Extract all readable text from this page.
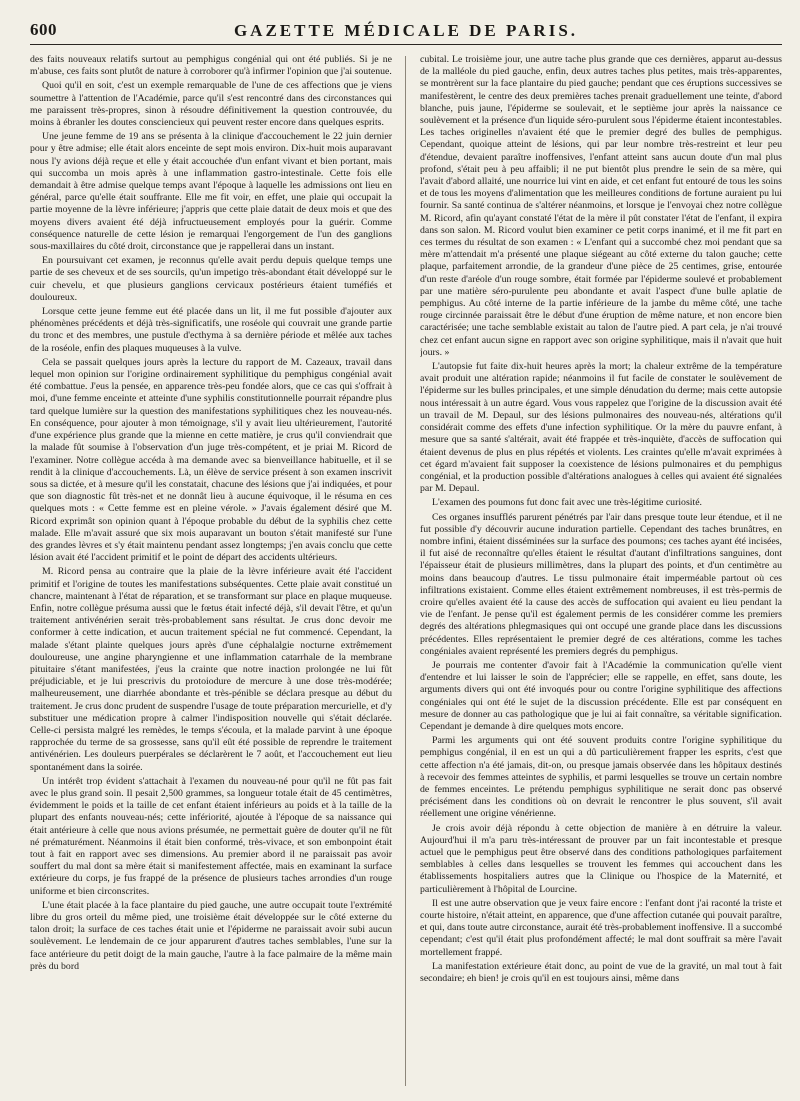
600	GAZETTE MÉDICALE DE PARIS.

des faits nouveaux relatifs surtout au pemphigus congénial qui ont été publiés. Si je ne m'abuse, ces faits sont plutôt de nature à corroborer qu'à infirmer l'opinion que j'ai soutenue.

Quoi qu'il en soit, c'est un exemple remarquable de l'une de ces affections que je viens soumettre à l'attention de l'Académie, parce qu'il s'est rencontré dans des circonstances qui me paraissent très-propres, sinon à résoudre définitivement la question controuvée, du moins à ébranler les doutes consciencieux qui peuvent rester encore dans quelques esprits.

Une jeune femme de 19 ans se présenta à la clinique d'accouchement le 22 juin dernier pour y être admise; elle était alors enceinte de sept mois environ. Dix-huit mois auparavant nous l'y avions déjà reçue et elle y était accouchée d'un enfant vivant et bien portant, mais qui succomba un mois après à une inflammation gastro-intestinale. Cette fois elle demandait à être admise quelque temps avant l'époque à laquelle les admissions ont lieu en général, parce qu'elle était souffrante. Elle me fit voir, en effet, une plaie qui occupait la partie moyenne de la lèvre inférieure; j'appris que cette plaie datait de deux mois et que des moyens divers avaient été déjà infructueusement employés pour la guérir. Comme conséquence naturelle de cette lésion je remarquai l'engorgement de l'un des ganglions sous-maxillaires du côté droit, circonstance que je rappellerai dans un instant.

En poursuivant cet examen, je reconnus qu'elle avait perdu depuis quelque temps une partie de ses cheveux et de ses sourcils, qu'un impetigo très-abondant était développé sur le cuir chevelu, et que plusieurs ganglions cervicaux postérieurs étaient tuméfiés et douloureux.

Lorsque cette jeune femme eut été placée dans un lit, il me fut possible d'ajouter aux phénomènes précédents et déjà très-significatifs, une roséole qui couvrait une grande partie du tronc et des membres, une pustule d'ecthyma à sa dernière période et mêlée aux taches de la roséole, enfin des plaques muqueuses à la vulve.

Cela se passait quelques jours après la lecture du rapport de M. Cazeaux, travail dans lequel mon opinion sur l'origine ordinairement syphilitique du pemphigus congénial avait été combattue. J'eus la pensée, en apparence très-peu fondée alors, que ce cas qui s'offrait à moi, d'une femme enceinte et atteinte d'une syphilis constitutionnelle pourrait répandre plus tard quelque lumière sur la question des manifestations syphilitiques chez les nouveau-nés. En conséquence, pour ajouter à mon témoignage, s'il y avait lieu ultérieurement, l'autorité d'une expérience plus grande que la mienne en cette matière, je crus qu'il conviendrait que la malade fût soumise à l'observation d'un juge très-compétent, et je priai M. Ricord de l'examiner. Notre collègue accéda à ma demande avec sa bienveillance habituelle, et il se rendit à la clinique d'accouchements. Là, un élève de service présent à son examen inscrivit sous sa dictée, et à mesure qu'il les constatait, chacune des lésions que j'ai indiquées, et pour que son diagnostic fût très-net et ne donnât lieu à aucune équivoque, il le résuma en ces quelques mots : « Cette femme est en pleine vérole. » J'avais également désiré que M. Ricord exprimât son opinion quant à l'époque probable du début de la syphilis chez cette malade. Elle m'avait assuré que six mois auparavant un bouton s'était manifesté sur l'une des grandes lèvres et s'y était maintenu pendant assez longtemps; j'en avais conclu que cette lésion avait été l'accident primitif et le point de départ des accidents ultérieurs.

M. Ricord pensa au contraire que la plaie de la lèvre inférieure avait été l'accident primitif et l'origine de toutes les manifestations subséquentes. Cette plaie avait constitué un chancre, maintenant à l'état de réparation, et se transformant sur place en plaque muqueuse. Enfin, notre collègue présuma aussi que le fœtus était infecté déjà, s'il devait l'être, et qu'un traitement antivénérien serait très-probablement sans résultat. Je crus donc devoir me conformer à cette indication, et aucun traitement spécial ne fut commencé. Cependant, la malade s'étant plainte quelques jours après d'une céphalalgie nocturne extrêmement douloureuse, une angine pharyngienne et une inflammation catarrhale de la membrane pituitaire s'étant manifestées, j'eus la crainte que notre inaction prolongée ne lui fût préjudiciable, et je lui prescrivis du protoiodure de mercure à une dose très-modérée; malheureusement, une diarrhée abondante et très-pénible se déclara presque au début du traitement. Je crus donc prudent de suspendre l'usage de toute préparation mercurielle, et d'y substituer une médication propre à calmer l'indisposition nouvelle qui s'était déclarée. Celle-ci persista malgré les remèdes, le temps s'écoula, et la malade parvint à une époque rapprochée du terme de sa grossesse, sans qu'il eût été possible de reprendre le traitement antivénérien. Les douleurs puerpérales se déclarèrent le 7 août, et l'accouchement eut lieu spontanément dans la soirée.

Un intérêt trop évident s'attachait à l'examen du nouveau-né pour qu'il ne fût pas fait avec le plus grand soin. Il pesait 2,500 grammes, sa longueur totale était de 45 centimètres, évidemment le poids et la taille de cet enfant étaient inférieurs au poids et à la taille de la plupart des enfants nouveau-nés; cette infériorité, ajoutée à l'époque de sa naissance qui était antérieure à celle que nous avions présumée, ne permettait guère de douter qu'il ne fût né prématurément. Néanmoins il était bien conformé, très-vivace, et son embonpoint était tout à fait en rapport avec ses dimensions. Au premier abord il ne paraissait pas avoir souffert du mal dont sa mère était si manifestement affectée, mais en examinant la surface extérieure du corps, je fus frappé de la présence de plusieurs taches arrondies d'un rouge uniforme et bien circonscrites.

L'une était placée à la face plantaire du pied gauche, une autre occupait toute l'extrémité libre du gros orteil du même pied, une troisième était développée sur le côté externe du talon droit; la surface de ces taches était unie et l'épiderme ne paraissait avoir subi aucun soulèvement. Le lendemain de ce jour apparurent d'autres taches semblables, l'une sur la face antérieure du petit doigt de la main gauche, l'autre à la face palmaire de la même main près du bord

cubital. Le troisième jour, une autre tache plus grande que ces dernières, apparut au-dessus de la malléole du pied gauche, enfin, deux autres taches plus petites, mais très-apparentes, se montrèrent sur la face plantaire du pied gauche; pendant que ces éruptions successives se manifestèrent, le centre des deux premières taches prenait graduellement une teinte, d'abord blanche, puis jaune, l'épiderme se soulevait, et le septième jour après la naissance ce soulèvement et la présence d'un liquide séro-purulent sous l'épiderme étaient incontestables. Les taches originelles n'avaient été que le premier degré des bulles de pemphigus. Cependant, quoique atteint de lésions, qui par leur nombre très-restreint et leur peu d'étendue, devaient paraître inoffensives, l'enfant atteint sans aucun doute d'un mal plus profond, s'était peu à peu affaibli; il ne put bientôt plus prendre le sein de sa mère, qui l'avait d'abord allaité, une nourrice lui vint en aide, et cet enfant fut entouré de tous les soins et de tous les moyens d'alimentation que les meilleures conditions de fortune auraient pu lui fournir. Sa santé continua de s'altérer néanmoins, et lorsque je l'envoyai chez notre collègue M. Ricord, afin qu'ayant constaté l'état de la mère il pût constater l'état de l'enfant, il expira dans son salon. M. Ricord voulut bien examiner ce petit corps inanimé, et il me fit part en ces termes du résultat de son examen : « L'enfant qui a succombé chez moi pendant que sa mère m'attendait m'a présenté une plaque siégeant au côté externe du talon gauche; cette plaque, parfaitement arrondie, de la grandeur d'une pièce de 25 centimes, grise, entourée d'un reste d'aréole d'un rouge sombre, était formée par l'épiderme soulevé et probablement par une matière séro-purulente peu abondante et avait l'aspect d'une bulle aplatie de pemphigus. Au côté interne de la partie inférieure de la jambe du même côté, une tache rouge circinnée paraissait être le début d'une éruption de même nature, et non encore bien caractérisée; une tache semblable existait au talon de l'autre pied. A part cela, je n'ai trouvé chez cet enfant aucun signe en rapport avec son origine syphilitique, mais il n'avait que huit jours. »

L'autopsie fut faite dix-huit heures après la mort; la chaleur extrême de la température avait produit une altération rapide; néanmoins il fut facile de constater le soulèvement de l'épiderme sur les bulles principales, et une simple dénudation du derme; mais cette autopsie nous intéressait à un autre égard. Vous vous rappelez que l'origine de la discussion avait été un travail de M. Depaul, sur des lésions pulmonaires des nouveau-nés, altérations qu'il considérait comme des effets d'une infection syphilitique. Or la mère du pauvre enfant, à mesure que sa santé s'altérait, avait été frappée et très-inquiète, d'accès de suffocation qui étaient devenus de plus en plus répétés et violents. Les craintes qu'elle m'avait exprimées à cet égard m'avaient fait supposer la coexistence de lésions pulmonaires et du pemphigus congénial, et la production possible d'altérations analogues à celles qui avaient été signalées par M. Depaul.

L'examen des poumons fut donc fait avec une très-légitime curiosité.

Ces organes insufflés parurent pénétrés par l'air dans presque toute leur étendue, et il ne fut possible d'y découvrir aucune induration partielle. Cependant des taches brunâtres, en nombre infini, étaient disséminées sur la surface des poumons; ces taches ayant été incisées, il fut aisé de reconnaître qu'elles étaient le résultat d'autant d'infiltrations sanguines, dont l'épaisseur était de plusieurs millimètres, dans la plupart des points, et d'un centimètre au moins dans beaucoup d'autres. Le tissu pulmonaire était imperméable partout où ces infiltrations existaient. Comme elles étaient extrêmement nombreuses, il est très-permis de croire qu'elles avaient été la cause des accès de suffocation qui avaient eu lieu pendant la vie de l'enfant. Je pense qu'il est également permis de les considérer comme les premiers degrés des altérations phlegmasiques qui ont occupé une grande place dans les discussions précédentes. Elles représentaient le premier degré de ces altérations, comme les taches congéniales avaient représenté les premiers degrés du pemphigus.

Je pourrais me contenter d'avoir fait à l'Académie la communication qu'elle vient d'entendre et lui laisser le soin de l'apprécier; elle se rappelle, en effet, sans doute, les arguments divers qui ont été invoqués pour ou contre l'origine syphilitique des affections congéniales qui ont été le sujet de la discussion précédente. Elle est par conséquent en mesure de donner au cas pathologique que je lui ai fait connaître, sa véritable signification. Cependant je demande à dire quelques mots encore.

Parmi les arguments qui ont été souvent produits contre l'origine syphilitique du pemphigus congénial, il en est un qui a dû particulièrement frapper les esprits, c'est que cette affection n'a été jamais, dit-on, ou presque jamais observée dans les hôpitaux destinés à recevoir des femmes atteintes de syphilis, et parmi lesquelles se trouve un certain nombre de femmes enceintes. Le prétendu pemphigus syphilitique ne serait donc pas observé précisément dans les conditions où on devrait le rencontrer le plus souvent, s'il avait réellement une origine vénérienne.

Je crois avoir déjà répondu à cette objection de manière à en détruire la valeur. Aujourd'hui il m'a paru très-intéressant de prouver par un fait incontestable et presque actuel que le pemphigus peut être observé dans des conditions pathologiques parfaitement semblables à celles dans lesquelles se trouvent les femmes qui accouchent dans les établissements hospitaliers autres que la Clinique ou l'hospice de la Maternité, et particulièrement à l'hôpital de Lourcine.

Il est une autre observation que je veux faire encore : l'enfant dont j'ai raconté la triste et courte histoire, n'était atteint, en apparence, que d'une affection cutanée qui pouvait paraître, et qui, dans toute autre circonstance, aurait été très-probablement inoffensive. Il a succombé cependant; c'est qu'il était plus profondément affecté; le mal dont souffrait sa mère l'avait mortellement frappé.

La manifestation extérieure était donc, au point de vue de la gravité, un mal tout à fait secondaire; eh bien! je crois qu'il en est toujours ainsi, même dans
